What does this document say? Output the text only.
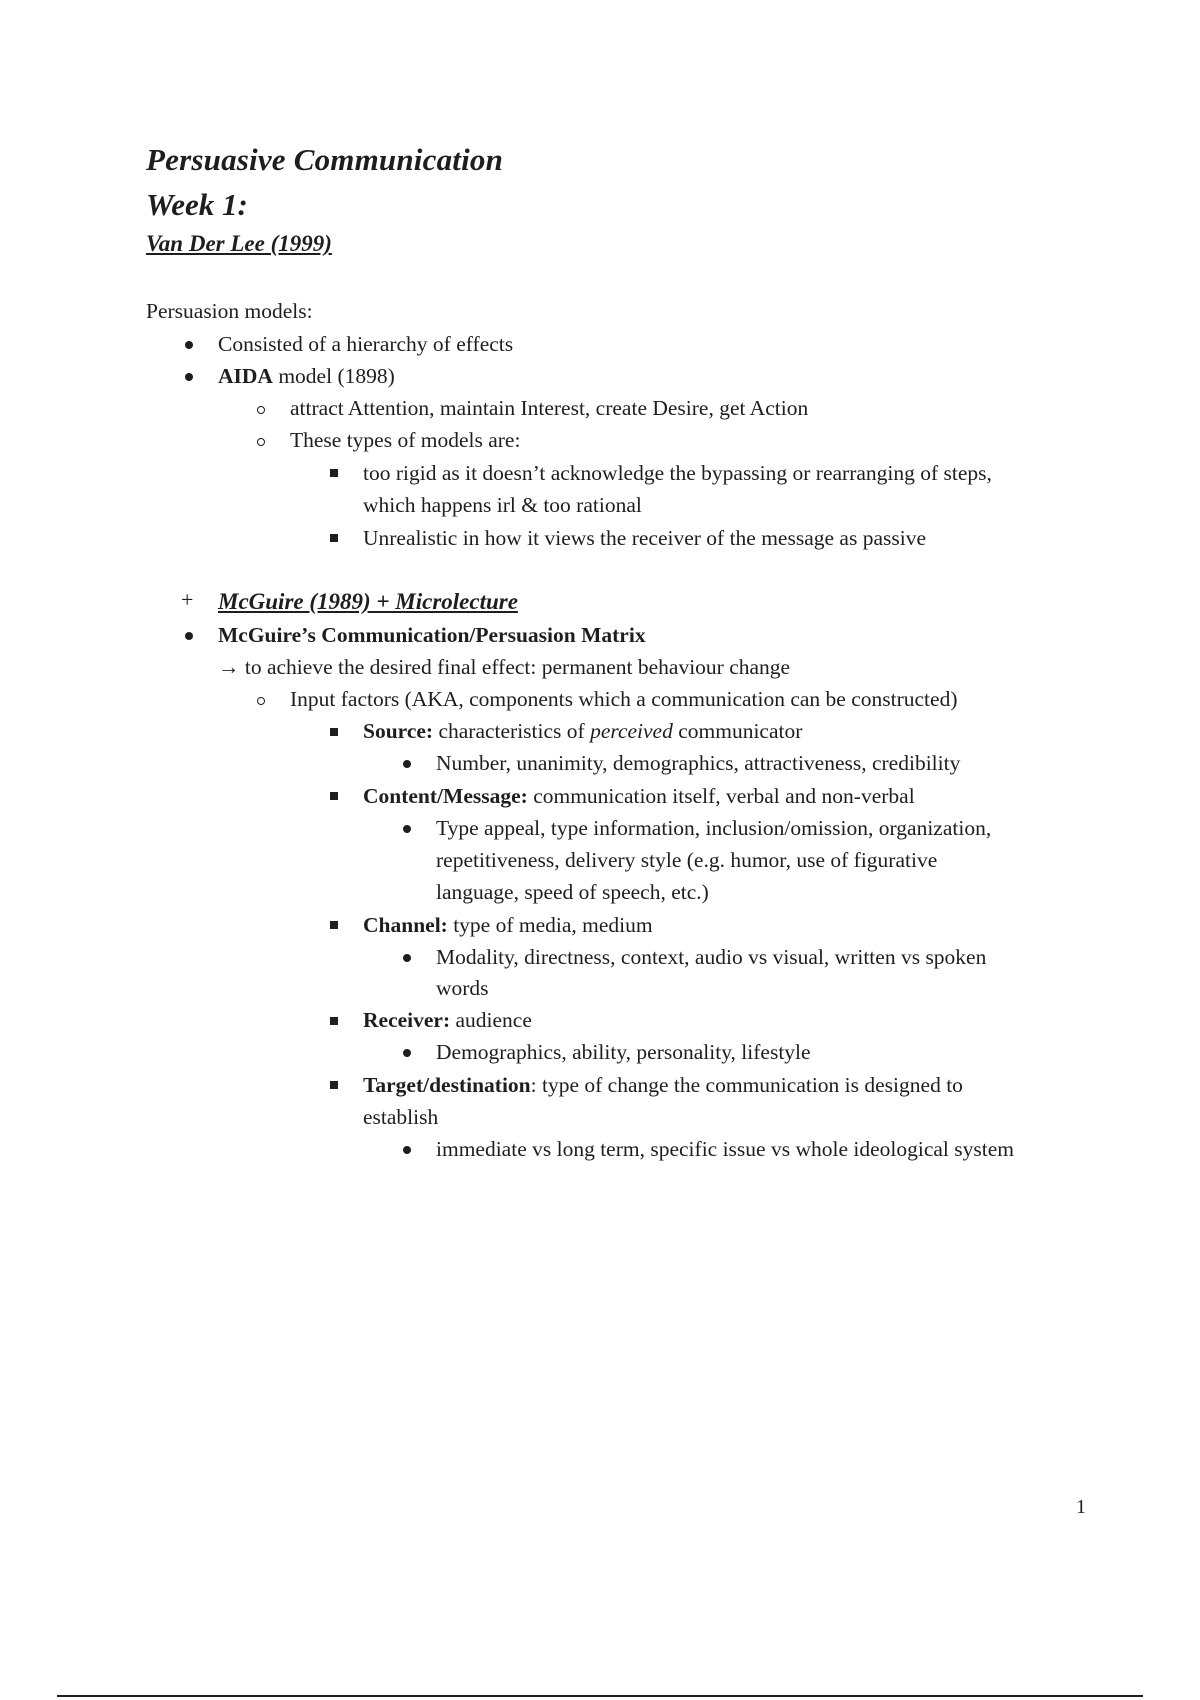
Persuasive Communication
Week 1:
Van Der Lee (1999)
Persuasion models:
Consisted of a hierarchy of effects
AIDA model (1898)
attract Attention, maintain Interest, create Desire, get Action
These types of models are:
too rigid as it doesn’t acknowledge the bypassing or rearranging of steps,
which happens irl & too rational
Unrealistic in how it views the receiver of the message as passive
+ McGuire (1989) + Microlecture
McGuire’s Communication/Persuasion Matrix
→ to achieve the desired final effect: permanent behaviour change
Input factors (AKA, components which a communication can be constructed)
Source: characteristics of perceived communicator
Number, unanimity, demographics, attractiveness, credibility
Content/Message: communication itself, verbal and non-verbal
Type appeal, type information, inclusion/omission, organization,
repetitiveness, delivery style (e.g. humor, use of figurative
language, speed of speech, etc.)
Channel: type of media, medium
Modality, directness, context, audio vs visual, written vs spoken
words
Receiver: audience
Demographics, ability, personality, lifestyle
Target/destination: type of change the communication is designed to
establish
immediate vs long term, specific issue vs whole ideological system
1
